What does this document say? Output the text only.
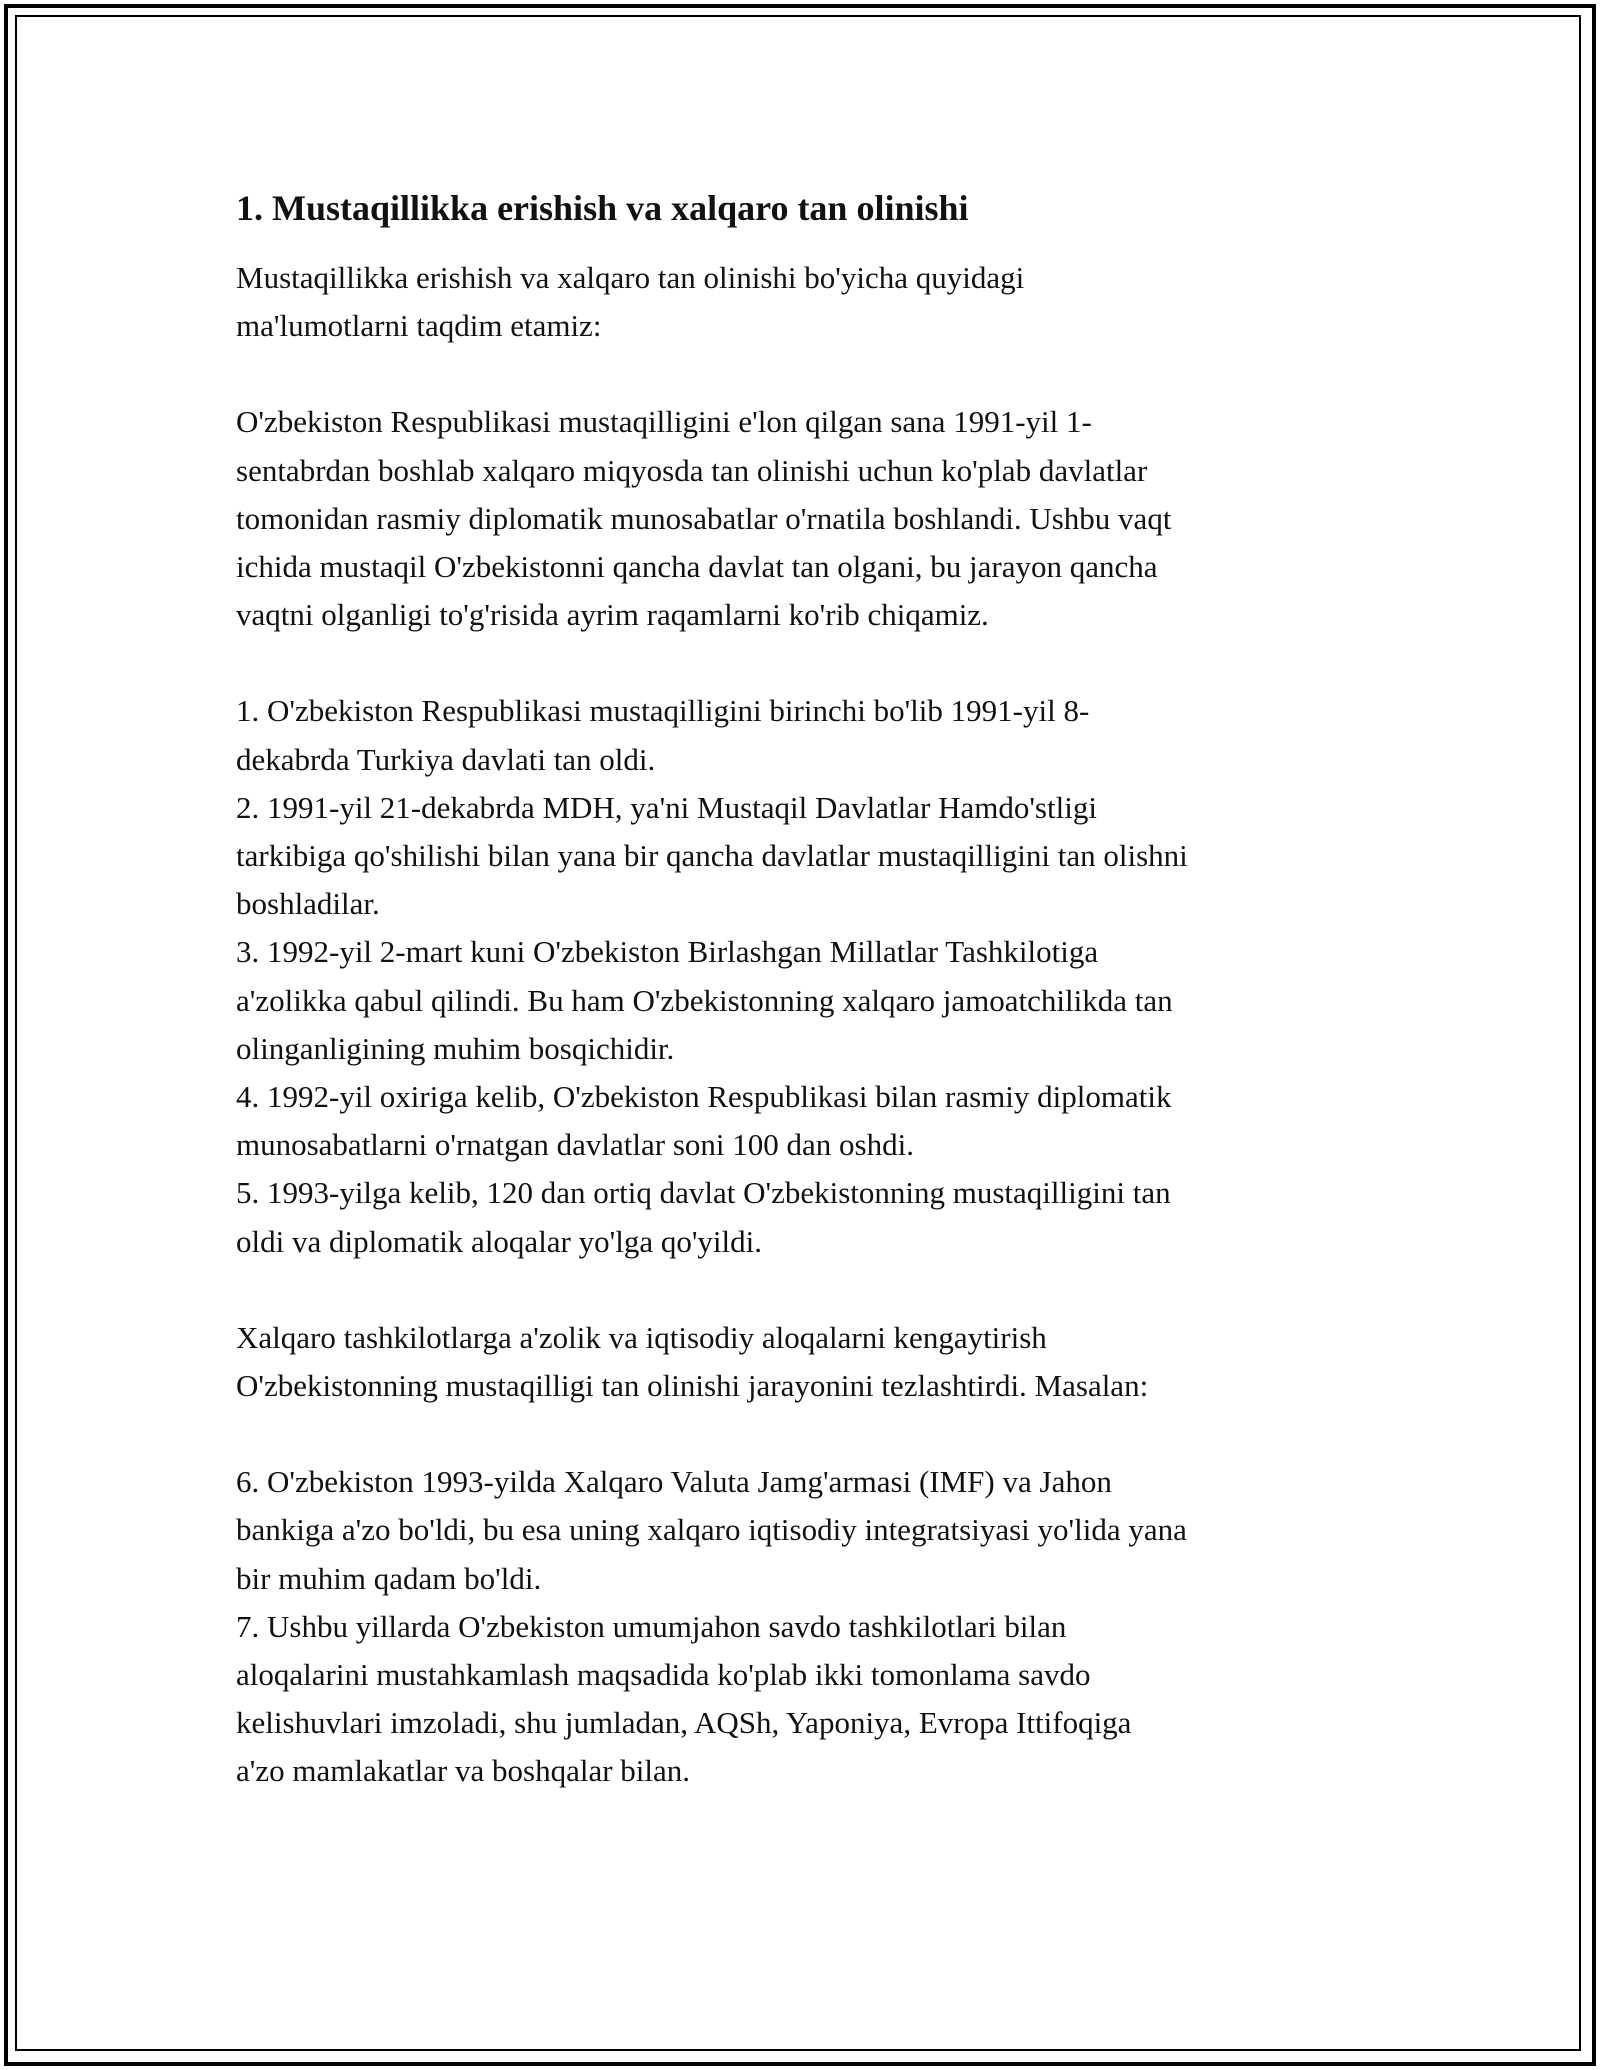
1. Mustaqillikka erishish va xalqaro tan olinishi

Mustaqillikka erishish va xalqaro tan olinishi bo'yicha quyidagi
ma'lumotlarni taqdim etamiz:

O'zbekiston Respublikasi mustaqilligini e'lon qilgan sana 1991-yil 1-
sentabrdan boshlab xalqaro miqyosda tan olinishi uchun ko'plab davlatlar
tomonidan rasmiy diplomatik munosabatlar o'rnatila boshlandi. Ushbu vaqt
ichida mustaqil O'zbekistonni qancha davlat tan olgani, bu jarayon qancha
vaqtni olganligi to'g'risida ayrim raqamlarni ko'rib chiqamiz.

1. O'zbekiston Respublikasi mustaqilligini birinchi bo'lib 1991-yil 8-
dekabrda Turkiya davlati tan oldi.
2. 1991-yil 21-dekabrda MDH, ya'ni Mustaqil Davlatlar Hamdo'stligi
tarkibiga qo'shilishi bilan yana bir qancha davlatlar mustaqilligini tan olishni
boshladilar.
3. 1992-yil 2-mart kuni O'zbekiston Birlashgan Millatlar Tashkilotiga
a'zolikka qabul qilindi. Bu ham O'zbekistonning xalqaro jamoatchilikda tan
olinganligining muhim bosqichidir.
4. 1992-yil oxiriga kelib, O'zbekiston Respublikasi bilan rasmiy diplomatik
munosabatlarni o'rnatgan davlatlar soni 100 dan oshdi.
5. 1993-yilga kelib, 120 dan ortiq davlat O'zbekistonning mustaqilligini tan
oldi va diplomatik aloqalar yo'lga qo'yildi.

Xalqaro tashkilotlarga a'zolik va iqtisodiy aloqalarni kengaytirish
O'zbekistonning mustaqilligi tan olinishi jarayonini tezlashtirdi. Masalan:

6. O'zbekiston 1993-yilda Xalqaro Valuta Jamg'armasi (IMF) va Jahon
bankiga a'zo bo'ldi, bu esa uning xalqaro iqtisodiy integratsiyasi yo'lida yana
bir muhim qadam bo'ldi.
7. Ushbu yillarda O'zbekiston umumjahon savdo tashkilotlari bilan
aloqalarini mustahkamlash maqsadida ko'plab ikki tomonlama savdo
kelishuvlari imzoladi, shu jumladan, AQSh, Yaponiya, Evropa Ittifoqiga
a'zo mamlakatlar va boshqalar bilan.
